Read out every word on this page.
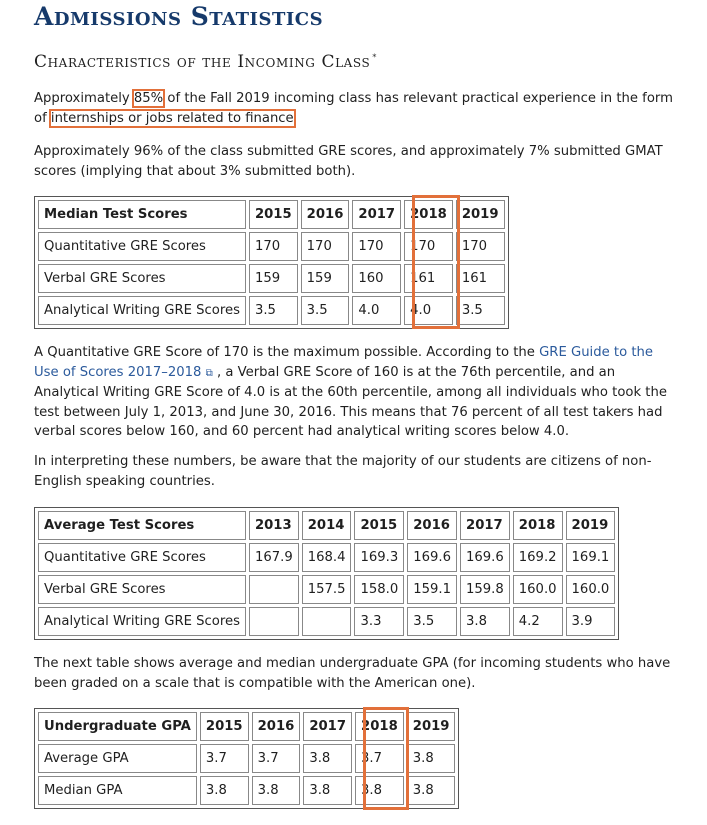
Admissions Statistics
Characteristics of the Incoming Class *

Approximately 85% of the Fall 2019 incoming class has relevant practical experience in the form of internships or jobs related to finance

Approximately 96% of the class submitted GRE scores, and approximately 7% submitted GMAT scores (implying that about 3% submitted both).

Median Test Scores	2015	2016	2017	2018	2019
Quantitative GRE Scores	170	170	170	170	170
Verbal GRE Scores	159	159	160	161	161
Analytical Writing GRE Scores	3.5	3.5	4.0	4.0	3.5

A Quantitative GRE Score of 170 is the maximum possible. According to the GRE Guide to the Use of Scores 2017–2018 ⧉ , a Verbal GRE Score of 160 is at the 76th percentile, and an Analytical Writing GRE Score of 4.0 is at the 60th percentile, among all individuals who took the test between July 1, 2013, and June 30, 2016. This means that 76 percent of all test takers had verbal scores below 160, and 60 percent had analytical writing scores below 4.0.

In interpreting these numbers, be aware that the majority of our students are citizens of non-English speaking countries.

Average Test Scores	2013	2014	2015	2016	2017	2018	2019
Quantitative GRE Scores	167.9	168.4	169.3	169.6	169.6	169.2	169.1
Verbal GRE Scores		157.5	158.0	159.1	159.8	160.0	160.0
Analytical Writing GRE Scores			3.3	3.5	3.8	4.2	3.9

The next table shows average and median undergraduate GPA (for incoming students who have been graded on a scale that is compatible with the American one).

Undergraduate GPA	2015	2016	2017	2018	2019
Average GPA	3.7	3.7	3.8	3.7	3.8
Median GPA	3.8	3.8	3.8	3.8	3.8
